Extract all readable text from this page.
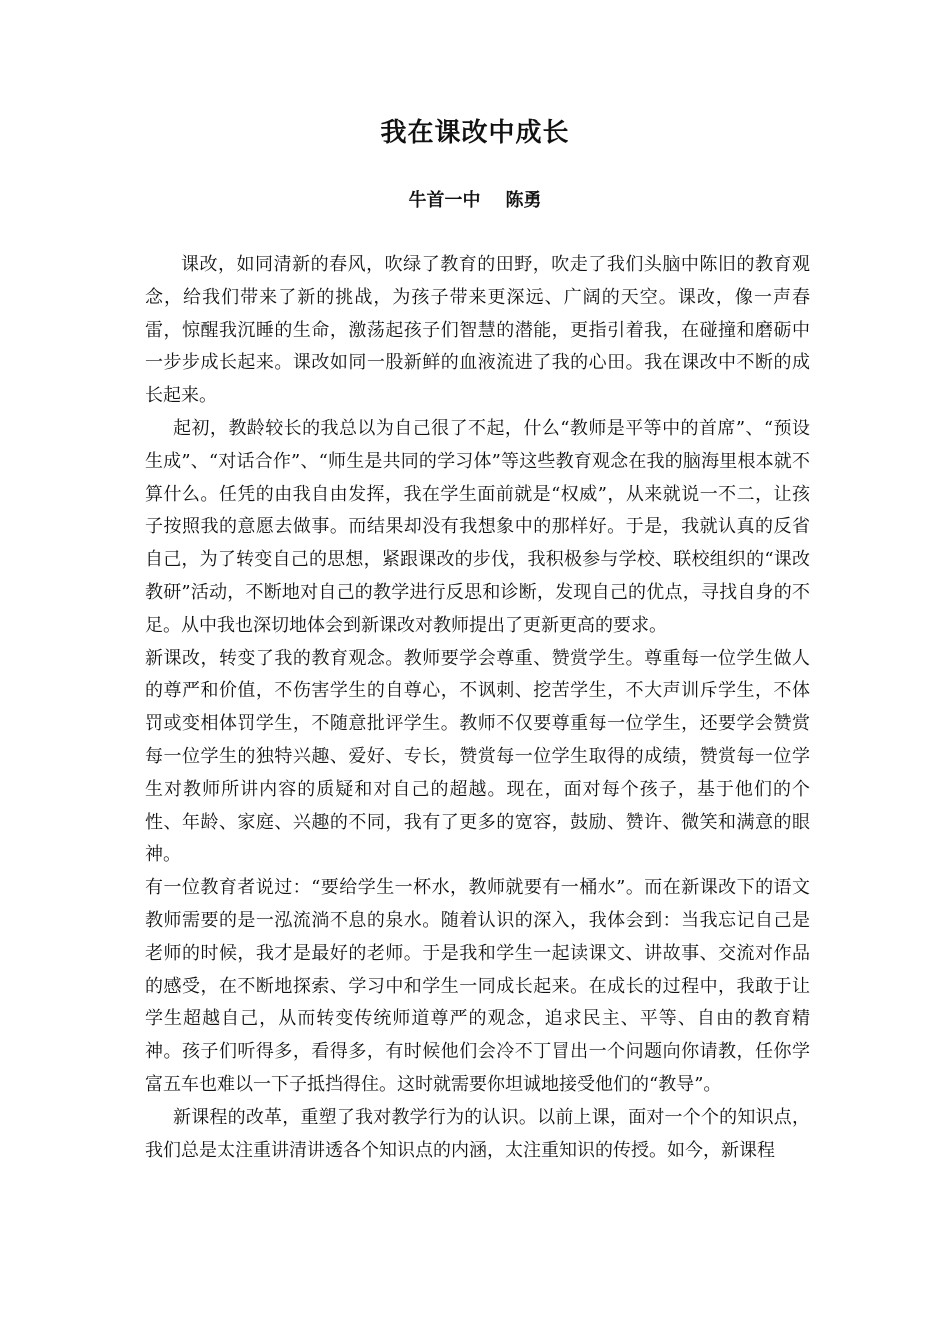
我在课改中成长

牛首一中 陈勇

课改，如同清新的春风，吹绿了教育的田野，吹走了我们头脑中陈旧的教育观念，给我们带来了新的挑战，为孩子带来更深远、广阔的天空。课改，像一声春雷，惊醒我沉睡的生命，激荡起孩子们智慧的潜能，更指引着我，在碰撞和磨砺中一步步成长起来。课改如同一股新鲜的血液流进了我的心田。我在课改中不断的成长起来。

起初，教龄较长的我总以为自己很了不起，什么“教师是平等中的首席”、“预设生成”、“对话合作”、“师生是共同的学习体”等这些教育观念在我的脑海里根本就不算什么。任凭的由我自由发挥，我在学生面前就是“权威”，从来就说一不二，让孩子按照我的意愿去做事。而结果却没有我想象中的那样好。于是，我就认真的反省自己，为了转变自己的思想，紧跟课改的步伐，我积极参与学校、联校组织的“课改教研”活动，不断地对自己的教学进行反思和诊断，发现自己的优点，寻找自身的不足。从中我也深切地体会到新课改对教师提出了更新更高的要求。

新课改，转变了我的教育观念。教师要学会尊重、赞赏学生。尊重每一位学生做人的尊严和价值，不伤害学生的自尊心，不讽刺、挖苦学生，不大声训斥学生，不体罚或变相体罚学生，不随意批评学生。教师不仅要尊重每一位学生，还要学会赞赏每一位学生的独特兴趣、爱好、专长，赞赏每一位学生取得的成绩，赞赏每一位学生对教师所讲内容的质疑和对自己的超越。现在，面对每个孩子，基于他们的个性、年龄、家庭、兴趣的不同，我有了更多的宽容，鼓励、赞许、微笑和满意的眼神。

有一位教育者说过：“要给学生一杯水，教师就要有一桶水”。而在新课改下的语文教师需要的是一泓流淌不息的泉水。随着认识的深入，我体会到：当我忘记自己是老师的时候，我才是最好的老师。于是我和学生一起读课文、讲故事、交流对作品的感受，在不断地探索、学习中和学生一同成长起来。在成长的过程中，我敢于让学生超越自己，从而转变传统师道尊严的观念，追求民主、平等、自由的教育精神。孩子们听得多，看得多，有时候他们会冷不丁冒出一个问题向你请教，任你学富五车也难以一下子抵挡得住。这时就需要你坦诚地接受他们的“教导”。

新课程的改革，重塑了我对教学行为的认识。以前上课，面对一个个的知识点，我们总是太注重讲清讲透各个知识点的内涵，太注重知识的传授。如今，新课程
